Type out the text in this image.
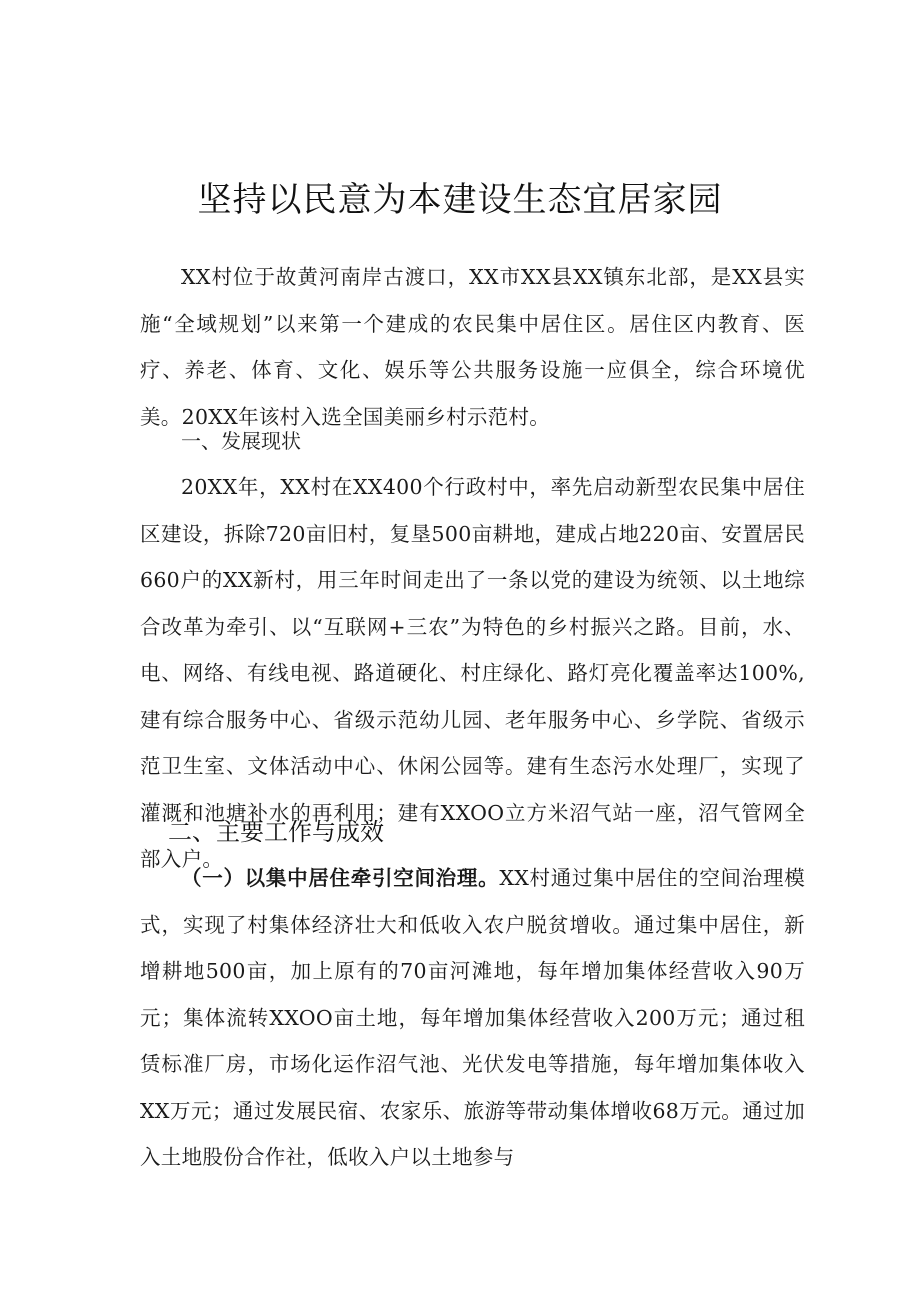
坚持以民意为本建设生态宜居家园

XX村位于故黄河南岸古渡口，XX市XX县XX镇东北部，是XX县实施“全域规划”以来第一个建成的农民集中居住区。居住区内教育、医疗、养老、体育、文化、娱乐等公共服务设施一应俱全，综合环境优美。20XX年该村入选全国美丽乡村示范村。

一、发展现状

20XX年，XX村在XX400个行政村中，率先启动新型农民集中居住区建设，拆除720亩旧村，复垦500亩耕地，建成占地220亩、安置居民660户的XX新村，用三年时间走出了一条以党的建设为统领、以土地综合改革为牵引、以“互联网+三农”为特色的乡村振兴之路。目前，水、电、网络、有线电视、路道硬化、村庄绿化、路灯亮化覆盖率达100%,建有综合服务中心、省级示范幼儿园、老年服务中心、乡学院、省级示范卫生室、文体活动中心、休闲公园等。建有生态污水处理厂，实现了灌溉和池塘补水的再利用；建有XXOO立方米沼气站一座，沼气管网全部入户。

二、主要工作与成效

（一）以集中居住牵引空间治理。XX村通过集中居住的空间治理模式，实现了村集体经济壮大和低收入农户脱贫增收。通过集中居住，新增耕地500亩，加上原有的70亩河滩地，每年增加集体经营收入90万元；集体流转XXOO亩土地，每年增加集体经营收入200万元；通过租赁标准厂房，市场化运作沼气池、光伏发电等措施，每年增加集体收入XX万元；通过发展民宿、农家乐、旅游等带动集体增收68万元。通过加入土地股份合作社，低收入户以土地参与
